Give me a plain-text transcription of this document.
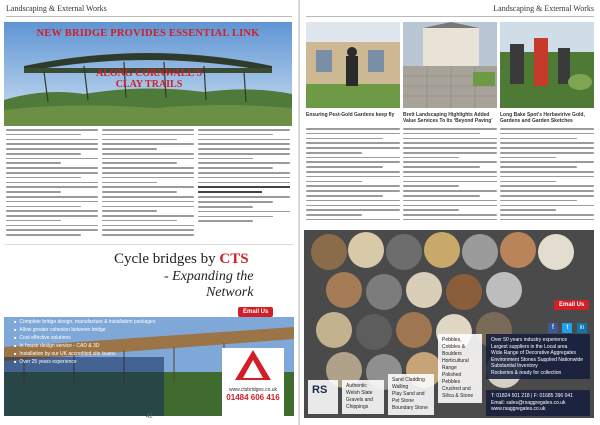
Landscaping & External Works
NEW BRIDGE PROVIDES ESSENTIAL LINK
ALONG CORNWALL’S
CLAY TRAILS
Cycle bridges by CTS
- Expanding the
Network
Email Us
■ Complete bridge design, manufacture & installation packages
■ Allow greater cohesion between bridge
■ Cost effective solutions
■ In house design service - CAD & 3D
■ Installation by our UK accredited site teams
■ Over 25 years experience
www.ctsbridges.co.uk
01484 606 416
42
Landscaping & External Works
Ensuring Pest-Gold Gardens keep fly	Brett Landscaping Highlights Added Value Services To Its ‘Beyond Paving’
Long Bake Spot’s Herbavirive Gold, Gardens and Garden Sketches
Email Us
f t in
Over 50 years industry experience
Largest suppliers in the Local area
Wide Range of Decorative Aggregates
Environment Stones Supplied Nationwide
Substantial Inventory
Rockeries & ready for collection
RS	Authentic Welsh Slate
Gravels and Chippings
Sand Cladding Walling
Play Sand and Pet Stone
Boundary Stone
Pebbles, Cobbles & Boulders
Horticultural Range
Polished Pebbles
Crushed and Silica & Stone	T: 01824 501 218 | F: 01685 396 041
Email: sales@rsaggregates.co.uk www.rsaggregates.co.uk
